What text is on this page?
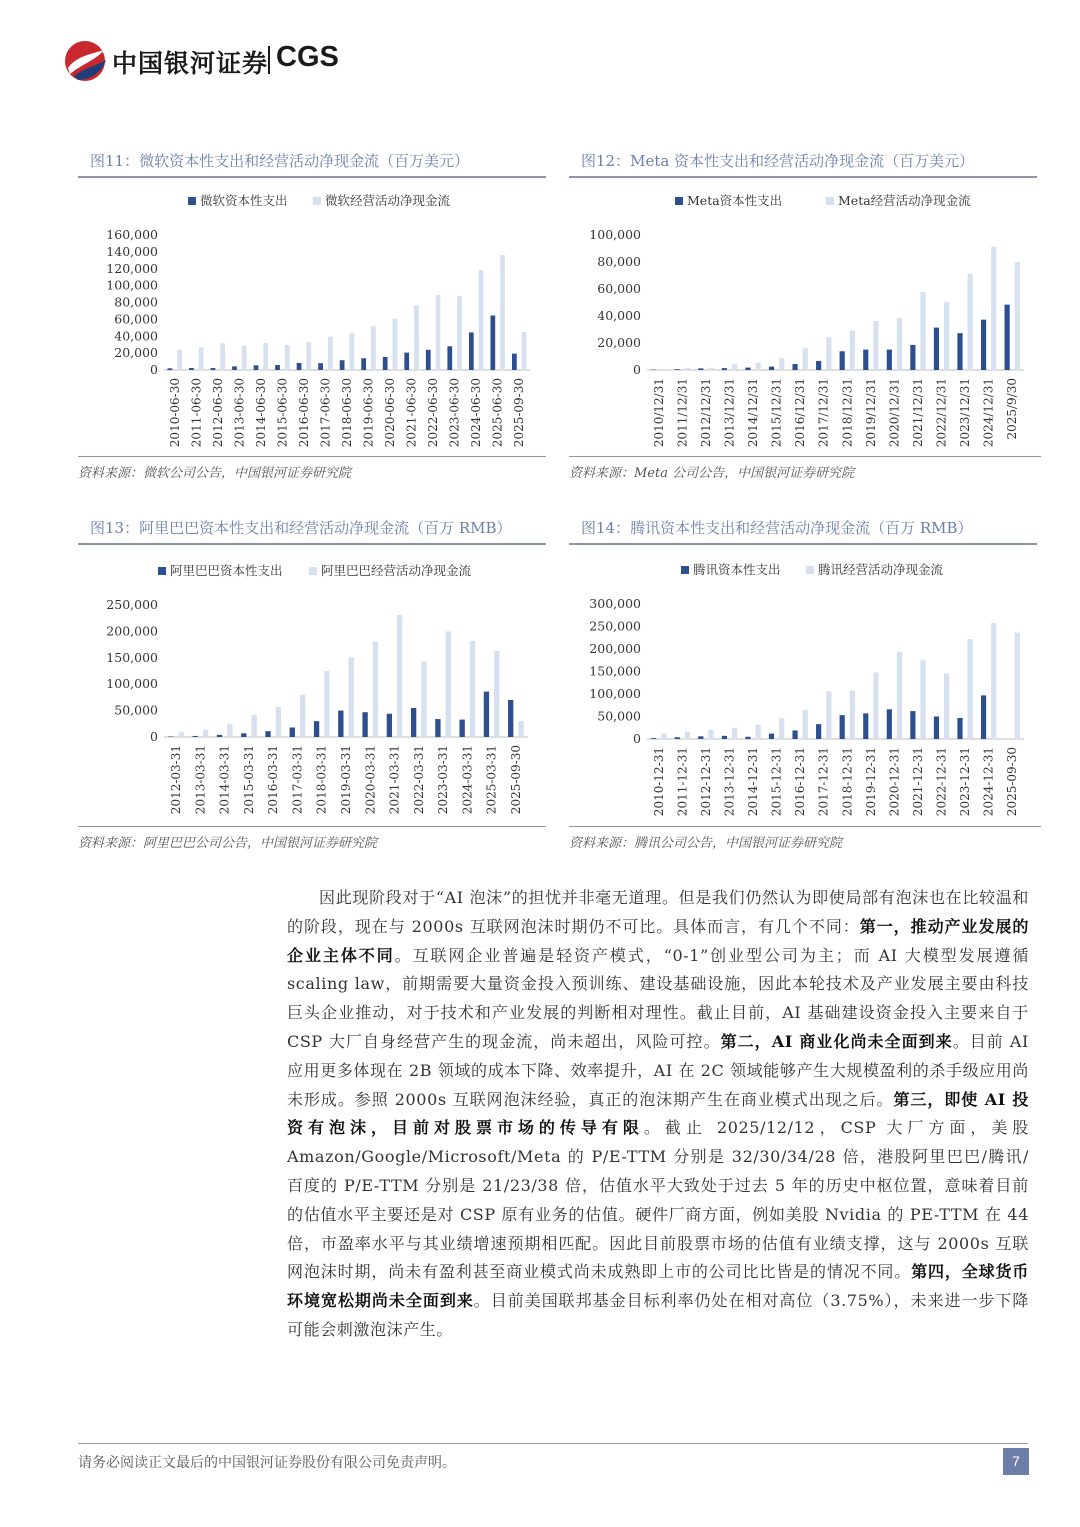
中国银河证券 CGS
图11：微软资本性支出和经营活动净现金流（百万美元）
微软资本性支出	微软经营活动净现金流
0
20,000
40,000
60,000
80,000
100,000
120,000
140,000
160,000
2010-06-30 2011-06-30 2012-06-30 2013-06-30 2014-06-30 2015-06-30 2016-06-30 2017-06-30 2018-06-30 2019-06-30 2020-06-30 2021-06-30 2022-06-30 2023-06-30 2024-06-30 2025-06-30 2025-09-30
资料来源：微软公司公告，中国银河证券研究院
图12：Meta 资本性支出和经营活动净现金流（百万美元）
Meta资本性支出	Meta经营活动净现金流
0
20,000
40,000
60,000
80,000
100,000
2010/12/31 2011/12/31 2012/12/31 2013/12/31 2014/12/31 2015/12/31 2016/12/31 2017/12/31 2018/12/31 2019/12/31 2020/12/31 2021/12/31 2022/12/31 2023/12/31 2024/12/31 2025/9/30
资料来源：Meta 公司公告，中国银河证券研究院
图13：阿里巴巴资本性支出和经营活动净现金流（百万 RMB）
阿里巴巴资本性支出	阿里巴巴经营活动净现金流
0
50,000
100,000
150,000
200,000
250,000
2012-03-31 2013-03-31 2014-03-31 2015-03-31 2016-03-31 2017-03-31 2018-03-31 2019-03-31 2020-03-31 2021-03-31 2022-03-31 2023-03-31 2024-03-31 2025-03-31 2025-09-30
资料来源：阿里巴巴公司公告，中国银河证券研究院
图14：腾讯资本性支出和经营活动净现金流（百万 RMB）
腾讯资本性支出	腾讯经营活动净现金流
0
50,000
100,000
150,000
200,000
250,000
300,000
2010-12-31 2011-12-31 2012-12-31 2013-12-31 2014-12-31 2015-12-31 2016-12-31 2017-12-31 2018-12-31 2019-12-31 2020-12-31 2021-12-31 2022-12-31 2023-12-31 2024-12-31 2025-09-30
资料来源：腾讯公司公告，中国银河证券研究院

因此现阶段对于“AI 泡沫”的担忧并非毫无道理。但是我们仍然认为即使局部有泡沫也在比较温和的阶段，现在与 2000s 互联网泡沫时期仍不可比。具体而言，有几个不同：第一，推动产业发展的企业主体不同。互联网企业普遍是轻资产模式，“0-1”创业型公司为主；而 AI 大模型发展遵循 scaling law，前期需要大量资金投入预训练、建设基础设施，因此本轮技术及产业发展主要由科技巨头企业推动，对于技术和产业发展的判断相对理性。截止目前，AI 基础建设资金投入主要来自于 CSP 大厂自身经营产生的现金流，尚未超出，风险可控。第二，AI 商业化尚未全面到来。目前 AI 应用更多体现在 2B 领域的成本下降、效率提升，AI 在 2C 领域能够产生大规模盈利的杀手级应用尚未形成。参照 2000s 互联网泡沫经验，真正的泡沫期产生在商业模式出现之后。第三，即使 AI 投资有泡沫，目前对股票市场的传导有限。截止 2025/12/12，CSP 大厂方面，美股 Amazon/Google/Microsoft/Meta 的 P/E-TTM 分别是 32/30/34/28 倍，港股阿里巴巴/腾讯/百度的 P/E-TTM 分别是 21/23/38 倍，估值水平大致处于过去 5 年的历史中枢位置，意味着目前的估值水平主要还是对 CSP 原有业务的估值。硬件厂商方面，例如美股 Nvidia 的 PE-TTM 在 44 倍，市盈率水平与其业绩增速预期相匹配。因此目前股票市场的估值有业绩支撑，这与 2000s 互联网泡沫时期，尚未有盈利甚至商业模式尚未成熟即上市的公司比比皆是的情况不同。第四，全球货币环境宽松期尚未全面到来。目前美国联邦基金目标利率仍处在相对高位（3.75%），未来进一步下降可能会刺激泡沫产生。

请务必阅读正文最后的中国银河证券股份有限公司免责声明。	7
